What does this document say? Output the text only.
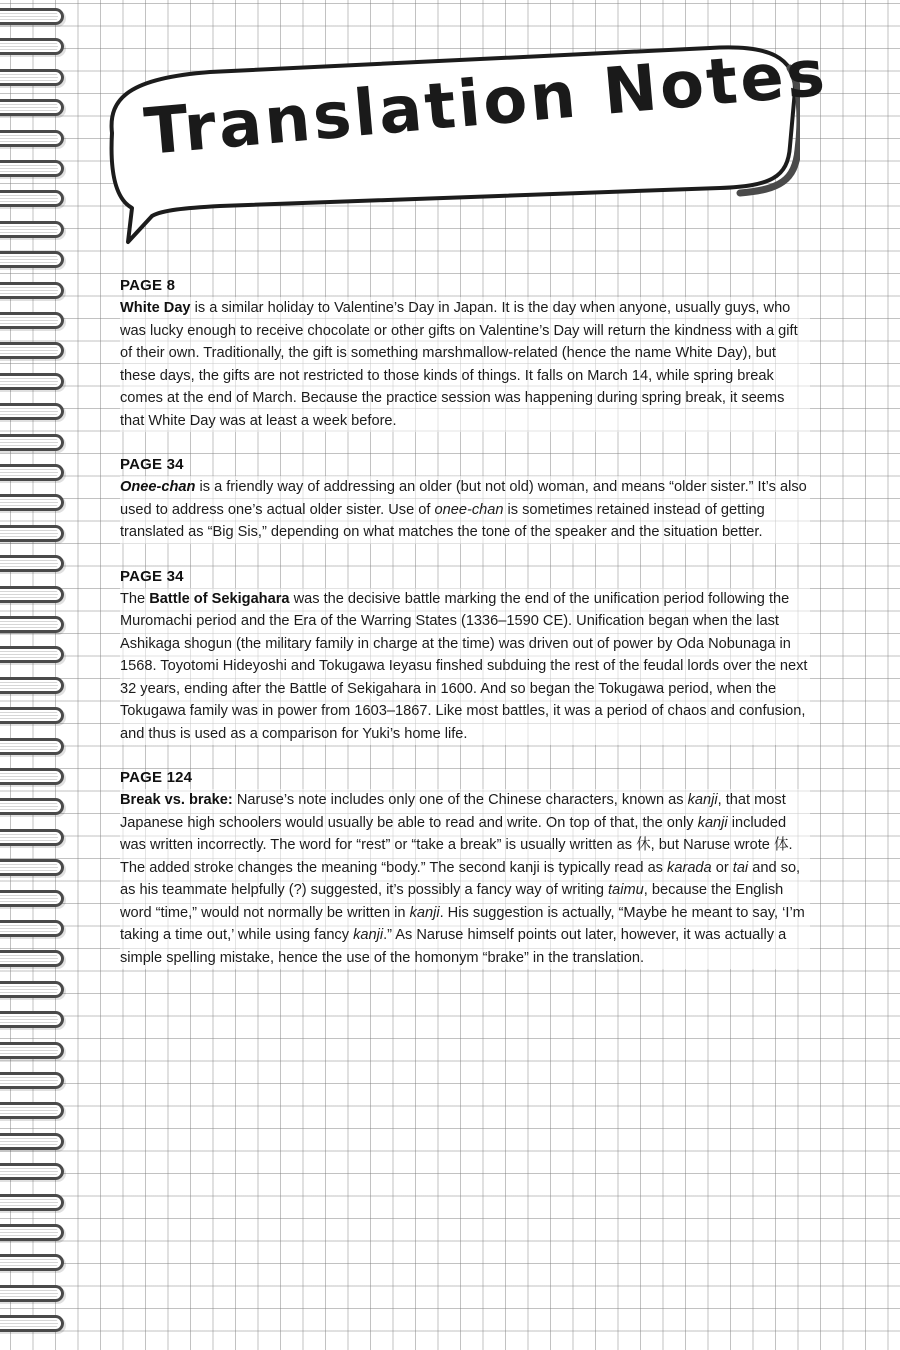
Translation Notes
PAGE 8

White Day is a similar holiday to Valentine’s Day in Japan. It is the day when anyone, usually guys, who was lucky enough to receive chocolate or other gifts on Valentine’s Day will return the kindness with a gift of their own. Traditionally, the gift is something marshmallow-related (hence the name White Day), but these days, the gifts are not restricted to those kinds of things. It falls on March 14, while spring break comes at the end of March. Because the practice session was happening during spring break, it seems that White Day was at least a week before.

PAGE 34

Onee-chan is a friendly way of addressing an older (but not old) woman, and means “older sister.” It’s also used to address one’s actual older sister. Use of onee-chan is sometimes retained instead of getting translated as “Big Sis,” depending on what matches the tone of the speaker and the situation better.

PAGE 34

The Battle of Sekigahara was the decisive battle marking the end of the unification period following the Muromachi period and the Era of the Warring States (1336–1590 CE). Unification began when the last Ashikaga shogun (the military family in charge at the time) was driven out of power by Oda Nobunaga in 1568. Toyotomi Hideyoshi and Tokugawa Ieyasu finshed subduing the rest of the feudal lords over the next 32 years, ending after the Battle of Sekigahara in 1600. And so began the Tokugawa period, when the Tokugawa family was in power from 1603–1867. Like most battles, it was a period of chaos and confusion, and thus is used as a comparison for Yuki’s home life.

PAGE 124

Break vs. brake: Naruse’s note includes only one of the Chinese characters, known as kanji, that most Japanese high schoolers would usually be able to read and write. On top of that, the only kanji included was written incorrectly. The word for “rest” or “take a break” is usually written as 休, but Naruse wrote 体. The added stroke changes the meaning “body.” The second kanji is typically read as karada or tai and so, as his teammate helpfully (?) suggested, it’s possibly a fancy way of writing taimu, because the English word “time,” would not normally be written in kanji. His suggestion is actually, “Maybe he meant to say, ‘I’m taking a time out,’ while using fancy kanji.” As Naruse himself points out later, however, it was actually a simple spelling mistake, hence the use of the homonym “brake” in the translation.
